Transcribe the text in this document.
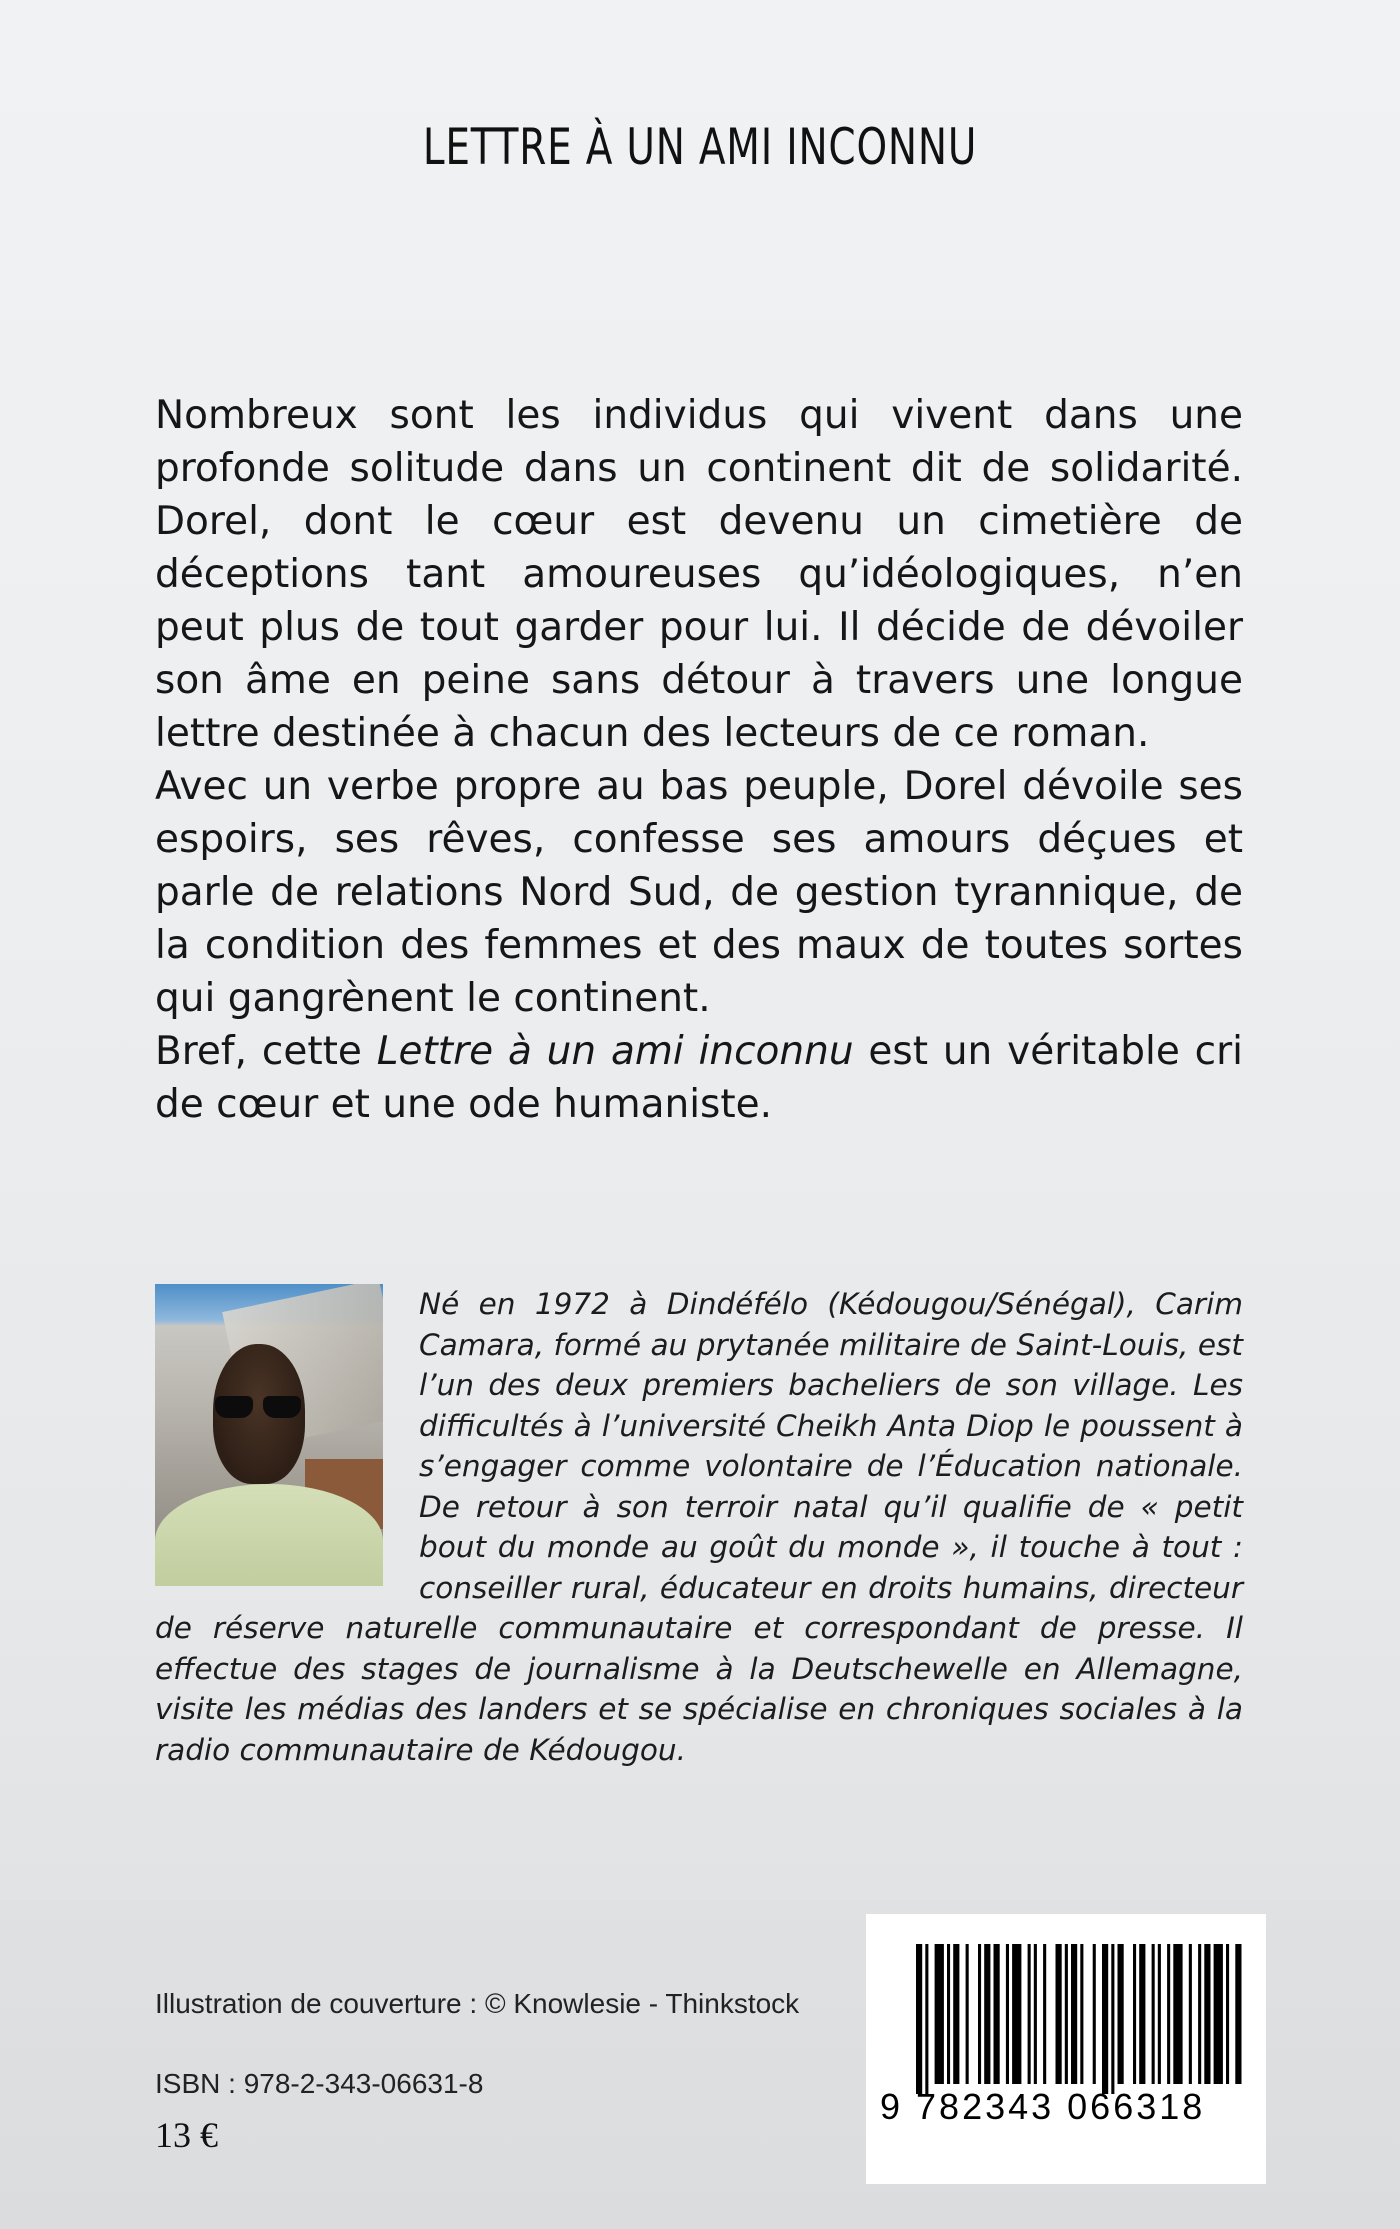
LETTRE À UN AMI INCONNU

Nombreux sont les individus qui vivent dans une profonde solitude dans un continent dit de solidarité. Dorel, dont le cœur est devenu un cimetière de déceptions tant amoureuses qu’idéologiques, n’en peut plus de tout garder pour lui. Il décide de dévoiler son âme en peine sans détour à travers une longue lettre destinée à chacun des lecteurs de ce roman.

Avec un verbe propre au bas peuple, Dorel dévoile ses espoirs, ses rêves, confesse ses amours déçues et parle de relations Nord Sud, de gestion tyrannique, de la condition des femmes et des maux de toutes sortes qui gangrènent le continent.

Bref, cette Lettre à un ami inconnu est un véritable cri de cœur et une ode humaniste.

Né en 1972 à Dindéfélo (Kédougou/Sénégal), Carim Camara, formé au prytanée militaire de Saint-Louis, est l’un des deux premiers bacheliers de son village. Les difficultés à l’université Cheikh Anta Diop le poussent à s’engager comme volontaire de l’Éducation nationale. De retour à son terroir natal qu’il qualifie de « petit bout du monde au goût du monde », il touche à tout : conseiller rural, éducateur en droits humains, directeur de réserve naturelle communautaire et correspondant de presse. Il effectue des stages de journalisme à la Deutschewelle en Allemagne, visite les médias des landers et se spécialise en chroniques sociales à la radio communautaire de Kédougou.

Illustration de couverture : © Knowlesie - Thinkstock
ISBN : 978-2-343-06631-8
13 €
9 782343 066318
